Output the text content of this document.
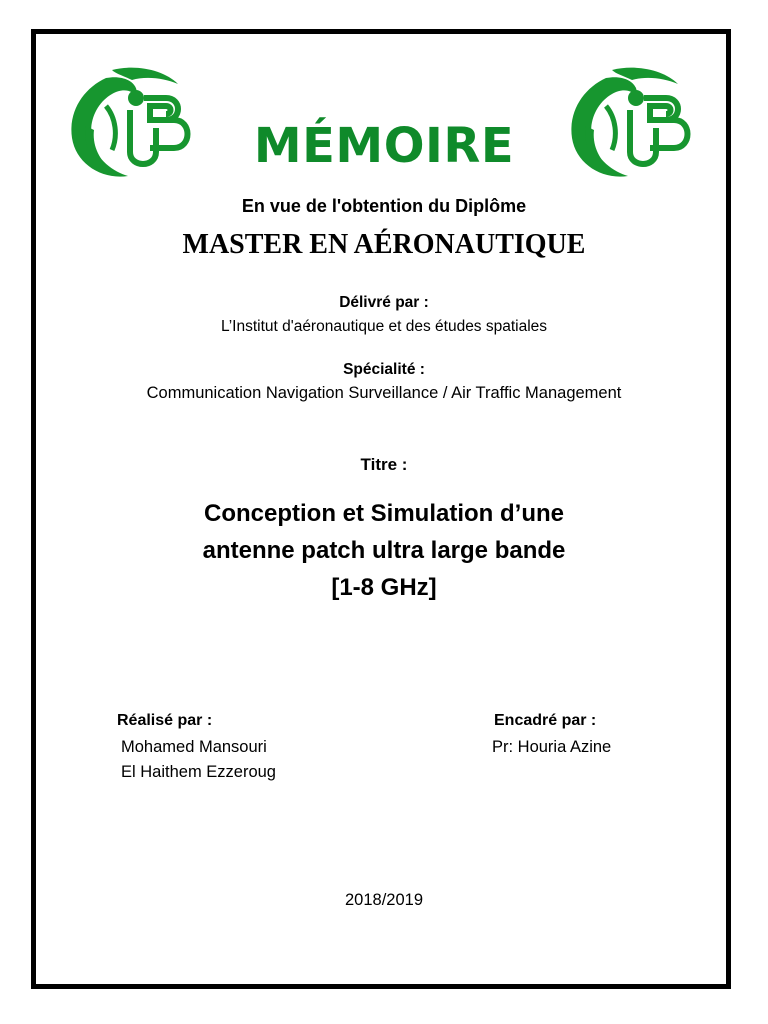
MÉMOIRE
En vue de l'obtention du Diplôme
MASTER EN AÉRONAUTIQUE
Délivré par :
L’Institut d'aéronautique et des études spatiales
Spécialité :
Communication Navigation Surveillance / Air Traffic Management
Titre :
Conception et Simulation d’une
antenne patch ultra large bande
[1-8 GHz]
Réalisé par :
Mohamed Mansouri
El Haithem Ezzeroug
Encadré par :
Pr: Houria Azine
2018/2019
